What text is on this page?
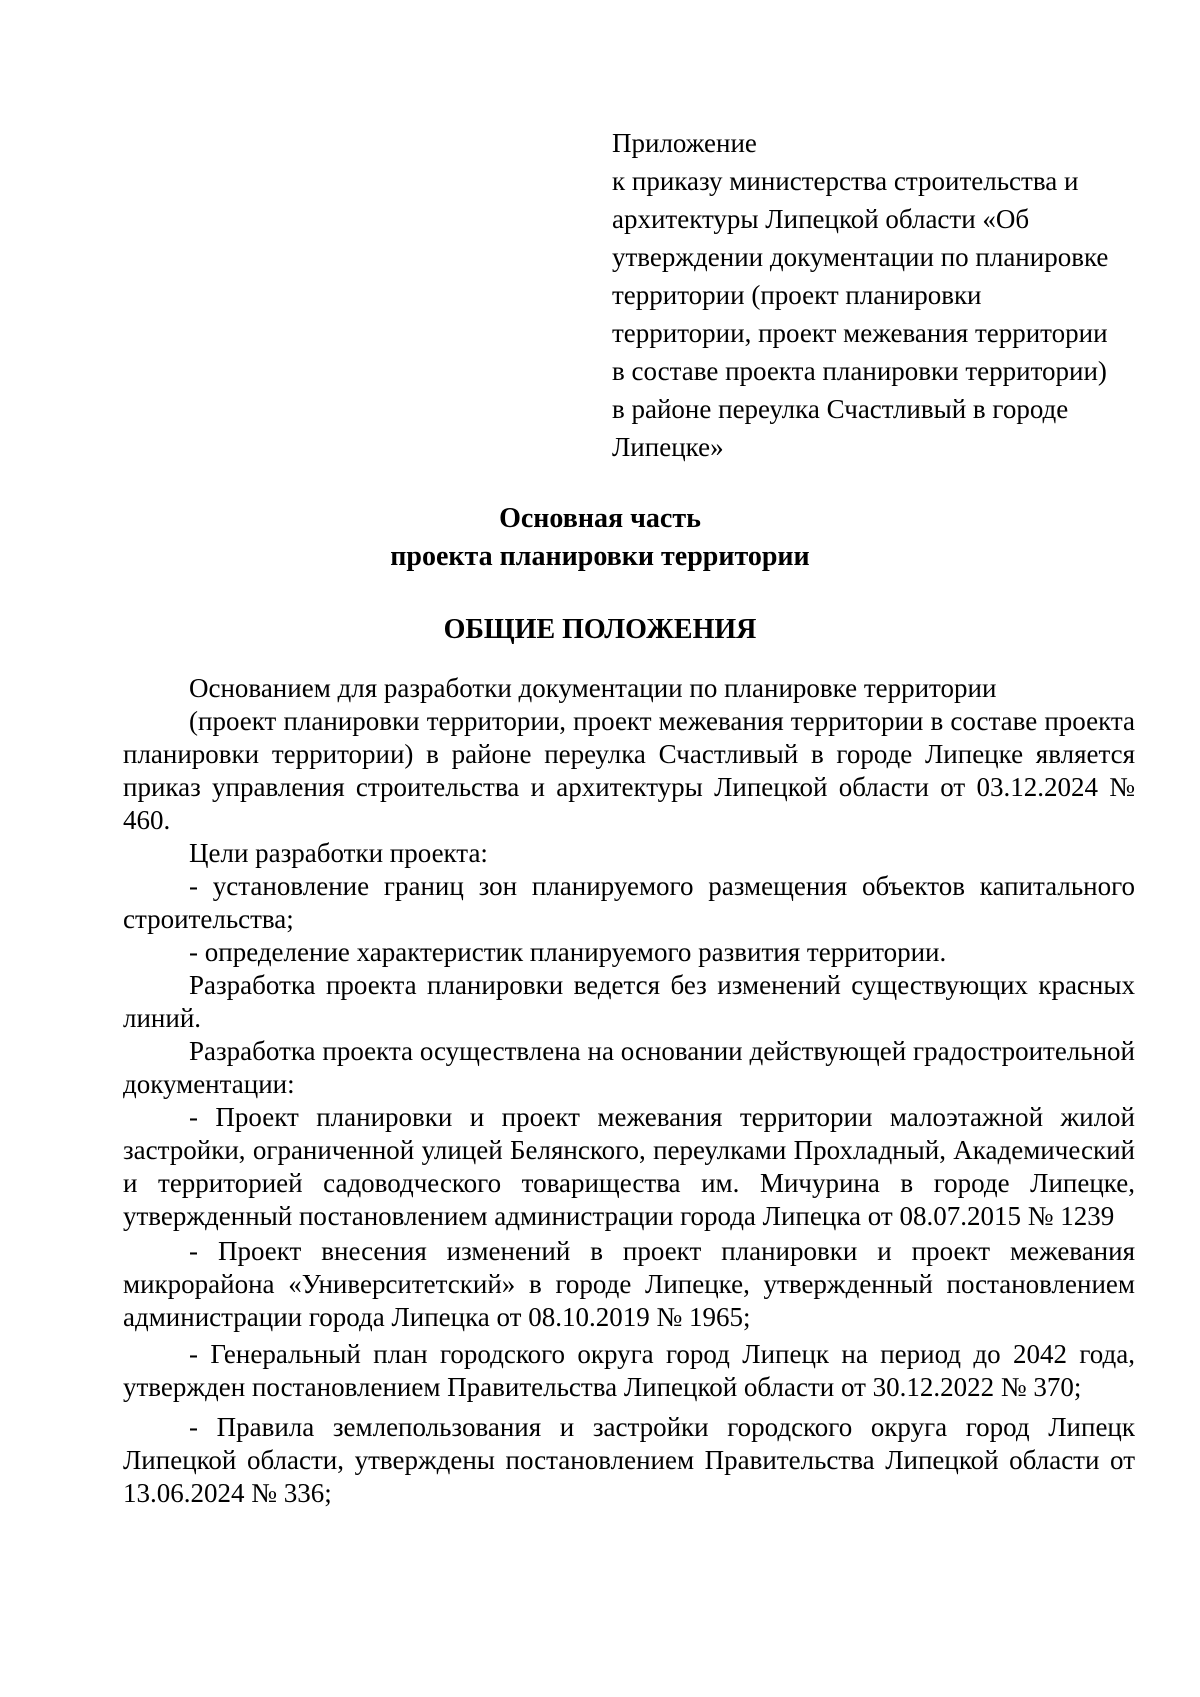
Приложение
к приказу министерства строительства и
архитектуры Липецкой области «Об
утверждении документации по планировке
территории (проект планировки
территории, проект межевания территории
в составе проекта планировки территории)
в районе переулка Счастливый в городе
Липецке»
Основная часть
проекта планировки территории
ОБЩИЕ ПОЛОЖЕНИЯ

Основанием для разработки документации по планировке территории

(проект планировки территории, проект межевания территории в составе проекта планировки территории) в районе переулка Счастливый в городе Липецке является приказ управления строительства и архитектуры Липецкой области от 03.12.2024 № 460.

Цели разработки проекта:

- установление границ зон планируемого размещения объектов капитального строительства;

- определение характеристик планируемого развития территории.

Разработка проекта планировки ведется без изменений существующих красных линий.

Разработка проекта осуществлена на основании действующей градостроительной документации:

- Проект планировки и проект межевания территории малоэтажной жилой застройки, ограниченной улицей Белянского, переулками Прохладный, Академический и территорией садоводческого товарищества им. Мичурина в городе Липецке, утвержденный постановлением администрации города Липецка от 08.07.2015 № 1239

- Проект внесения изменений в проект планировки и проект межевания микрорайона «Университетский» в городе Липецке, утвержденный постановлением администрации города Липецка от 08.10.2019 № 1965;

- Генеральный план городского округа город Липецк на период до 2042 года, утвержден постановлением Правительства Липецкой области от 30.12.2022 № 370;

- Правила землепользования и застройки городского округа город Липецк Липецкой области, утверждены постановлением Правительства Липецкой области от 13.06.2024 № 336;
